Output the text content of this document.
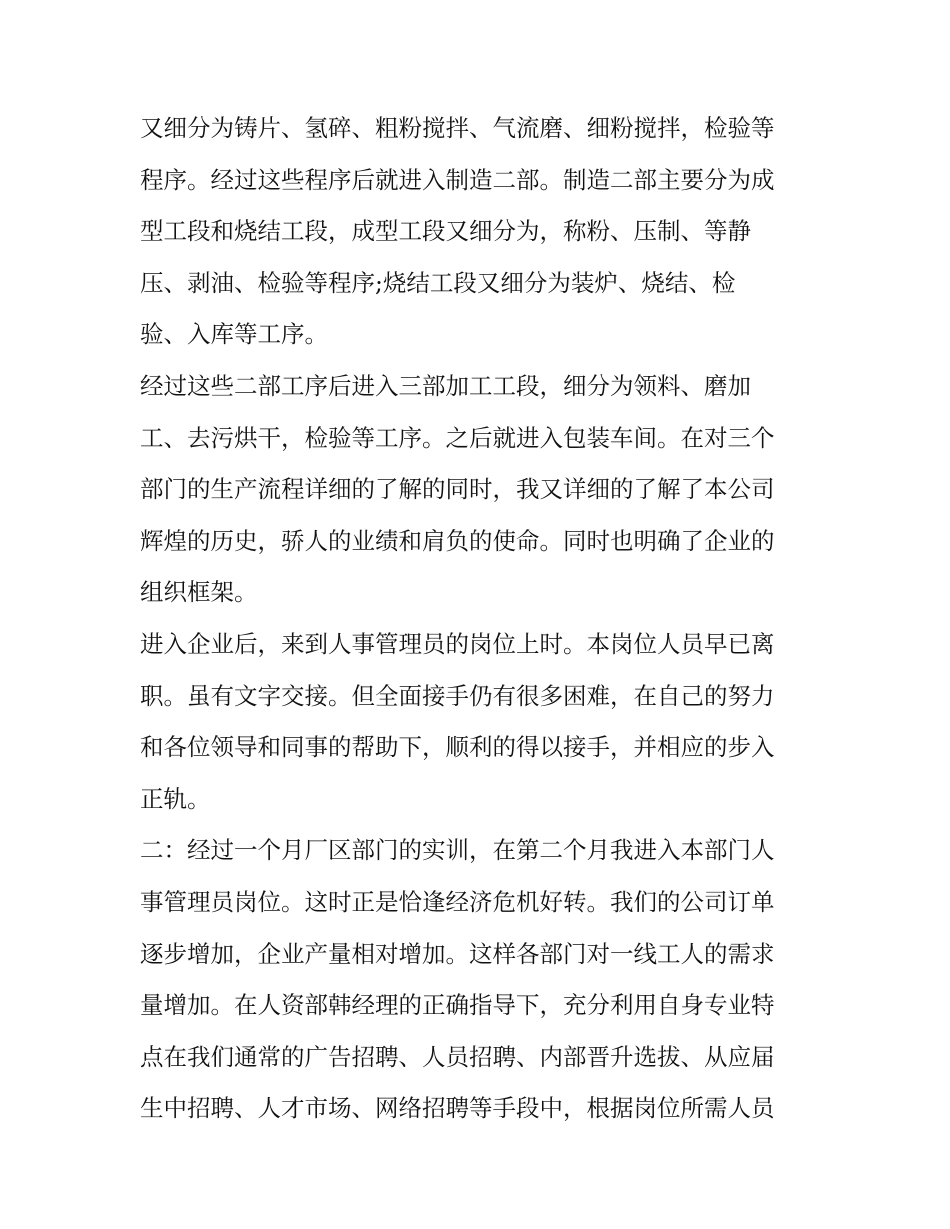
又细分为铸片、氢碎、粗粉搅拌、气流磨、细粉搅拌，检验等
程序。经过这些程序后就进入制造二部。制造二部主要分为成
型工段和烧结工段，成型工段又细分为，称粉、压制、等静
压、剥油、检验等程序;烧结工段又细分为装炉、烧结、检
验、入库等工序。
经过这些二部工序后进入三部加工工段，细分为领料、磨加
工、去污烘干，检验等工序。之后就进入包装车间。在对三个
部门的生产流程详细的了解的同时，我又详细的了解了本公司
辉煌的历史，骄人的业绩和肩负的使命。同时也明确了企业的
组织框架。
进入企业后，来到人事管理员的岗位上时。本岗位人员早已离
职。虽有文字交接。但全面接手仍有很多困难，在自己的努力
和各位领导和同事的帮助下，顺利的得以接手，并相应的步入
正轨。
二：经过一个月厂区部门的实训，在第二个月我进入本部门人
事管理员岗位。这时正是恰逢经济危机好转。我们的公司订单
逐步增加，企业产量相对增加。这样各部门对一线工人的需求
量增加。在人资部韩经理的正确指导下，充分利用自身专业特
点在我们通常的广告招聘、人员招聘、内部晋升选拔、从应届
生中招聘、人才市场、网络招聘等手段中，根据岗位所需人员
